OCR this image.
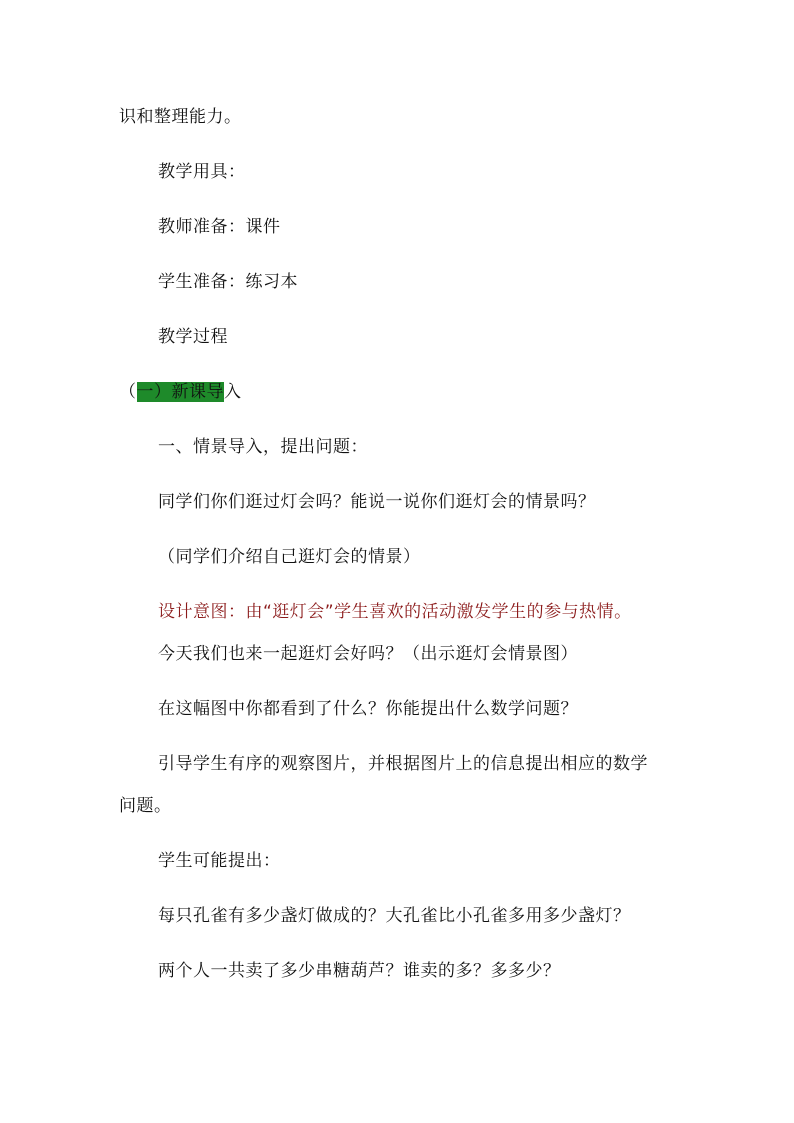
识和整理能力。
教学用具：
教师准备：课件
学生准备：练习本
教学过程
（一）新课导入
一、情景导入，提出问题：
同学们你们逛过灯会吗？能说一说你们逛灯会的情景吗？
（同学们介绍自己逛灯会的情景）
设计意图：由“逛灯会”学生喜欢的活动激发学生的参与热情。
今天我们也来一起逛灯会好吗？（出示逛灯会情景图）
在这幅图中你都看到了什么？你能提出什么数学问题？
引导学生有序的观察图片，并根据图片上的信息提出相应的数学
问题。
学生可能提出：
每只孔雀有多少盏灯做成的？大孔雀比小孔雀多用多少盏灯？
两个人一共卖了多少串糖葫芦？谁卖的多？多多少？
